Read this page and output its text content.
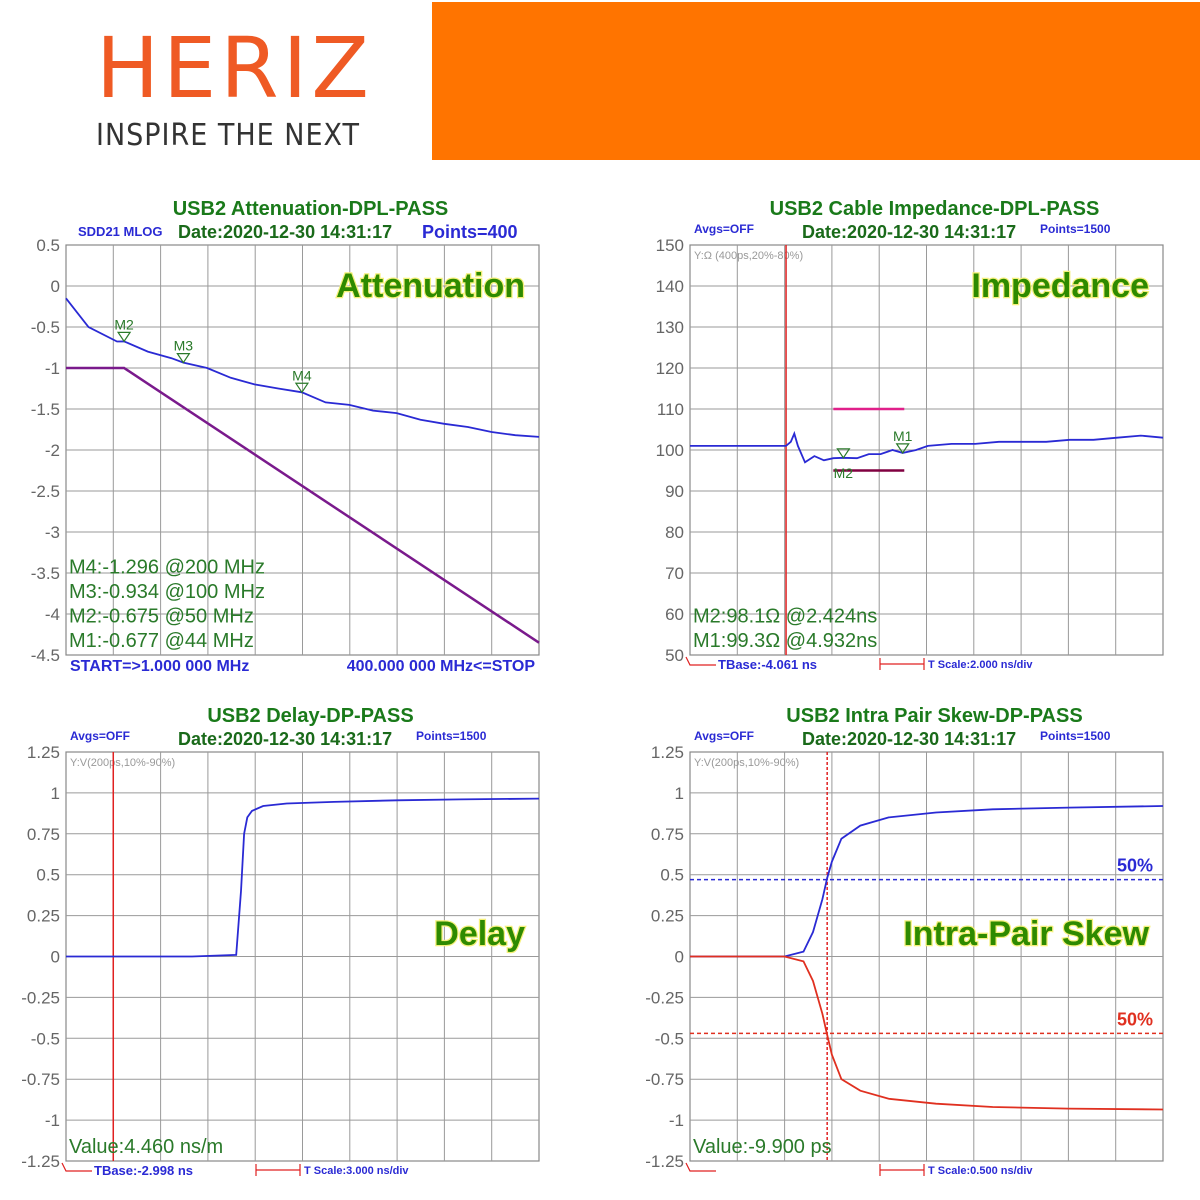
HERIZ
INSPIRE THE NEXT
0.5
0
-0.5
-1
-1.5
-2
-2.5
-3
-3.5
-4
-4.5
USB2 Attenuation-DPL-PASS
SDD21 MLOG Date:2020-12-30 14:31:17 Points=400
M2
M3
M4
Attenuation
M4:-1.296 @200 MHz
M3:-0.934 @100 MHz
M2:-0.675 @50 MHz
M1:-0.677 @44 MHz
START=>1.000 000 MHz	400.000 000 MHz<=STOP
150
140
130
120
110
100
90
80
70
60
50
USB2 Cable Impedance-DPL-PASS
Avgs=OFF	Date:2020-12-30 14:31:17 Points=1500
Y:Ω (400ps,20%-80%)
M1
M2
Impedance
M2:98.1Ω @2.424ns
M1:99.3Ω @4.932ns
TBase:-4.061 ns	T Scale:2.000 ns/div
1.25
1
0.75
0.5
0.25
0
-0.25
-0.5
-0.75
-1
-1.25
USB2 Delay-DP-PASS
Avgs=OFF	Date:2020-12-30 14:31:17 Points=1500
Y:V(200ps,10%-90%)
Delay
Value:4.460 ns/m
TBase:-2.998 ns	T Scale:3.000 ns/div
1.25
1
0.75
0.5
0.25
0
-0.25
-0.5
-0.75
-1
-1.25
USB2 Intra Pair Skew-DP-PASS
Avgs=OFF	Date:2020-12-30 14:31:17 Points=1500
Y:V(200ps,10%-90%)
50%
50%
Intra-Pair Skew
Value:-9.900 ps
T Scale:0.500 ns/div
